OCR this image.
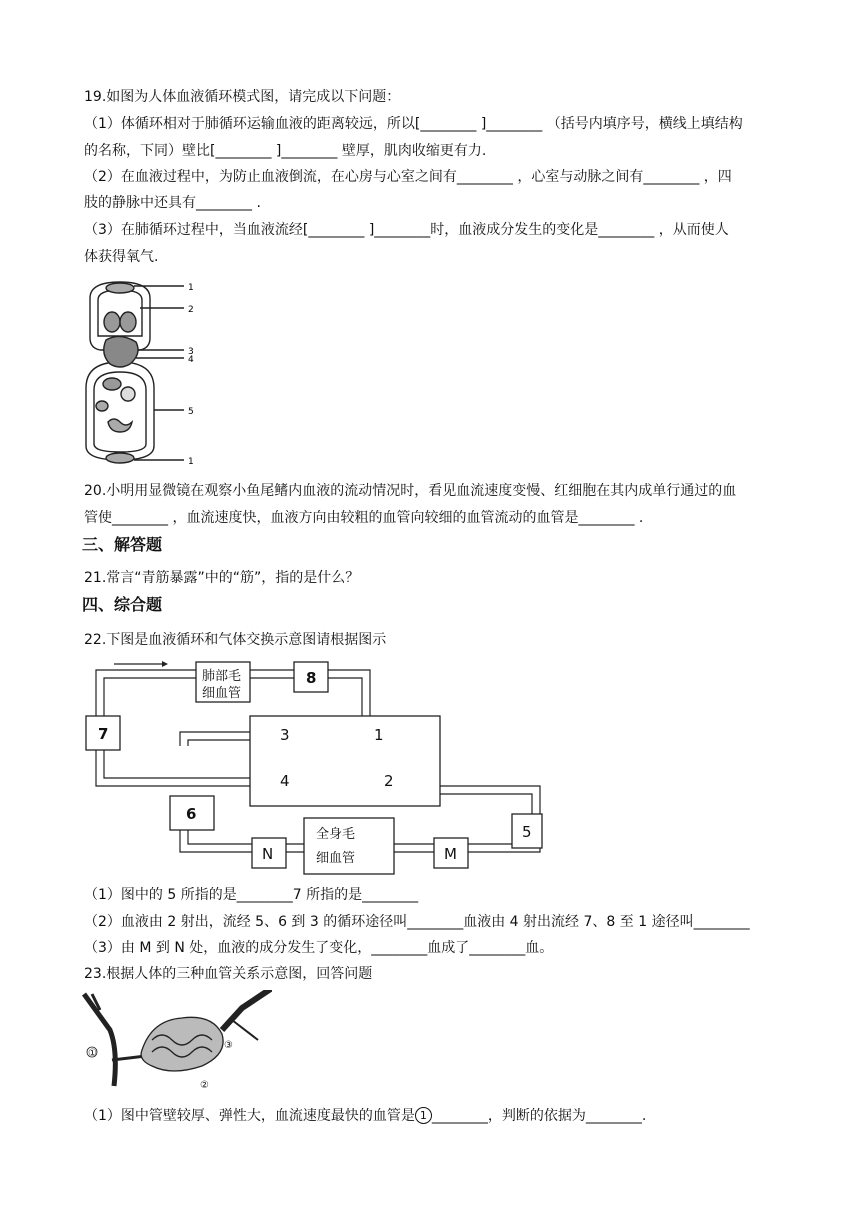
19.如图为人体血液循环模式图，请完成以下问题：
（1）体循环相对于肺循环运输血液的距离较远，所以[________ ]________ （括号内填序号，横线上填结构
的名称，下同）壁比[________ ]________ 壁厚，肌肉收缩更有力.
（2）在血液过程中，为防止血液倒流，在心房与心室之间有________ ，心室与动脉之间有________ ，四
肢的静脉中还具有________ .
（3）在肺循环过程中，当血液流经[________ ]________时，血液成分发生的变化是________ ，从而使人
体获得氧气.
1
2
3
4
5
1
20.小明用显微镜在观察小鱼尾鳍内血液的流动情况时，看见血流速度变慢、红细胞在其内成单行通过的血
管使________ ，血流速度快，血液方向由较粗的血管向较细的血管流动的血管是________ .
三、解答题
21.常言“青筋暴露”中的“筋”，指的是什么？
四、综合题
22.下图是血液循环和气体交换示意图请根据图示
肺部毛
细血管
8
7	3	1
4	2
6
5
N	M
全身毛
细血管
（1）图中的 5 所指的是________7 所指的是________
（2）血液由 2 射出，流经 5、6 到 3 的循环途径叫________血液由 4 射出流经 7、8 至 1 途径叫________
（3）由 M 到 N 处，血液的成分发生了变化，________血成了________血。
23.根据人体的三种血管关系示意图，回答问题
①
②
③
（1）图中管壁较厚、弹性大，血流速度最快的血管是 1 ________，判断的依据为________.
